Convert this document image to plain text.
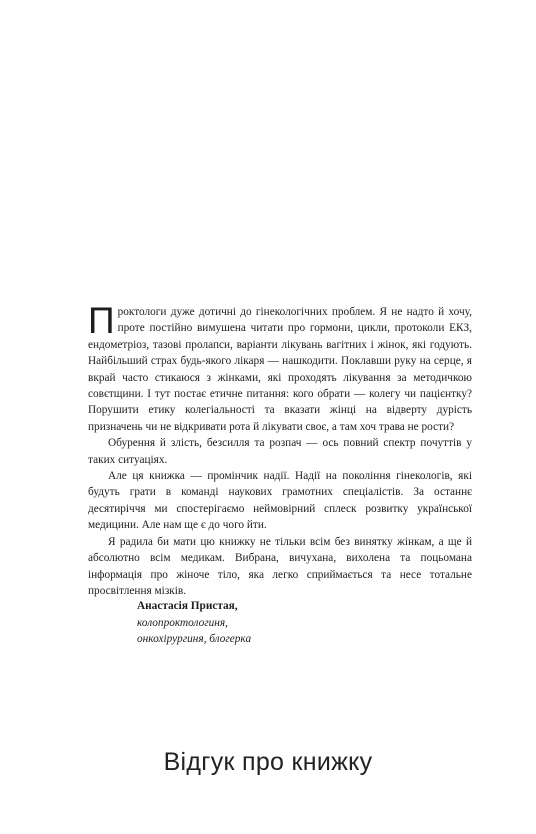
Проктологи дуже дотичні до гінекологічних проблем. Я не надто й хочу, проте постійно вимушена читати про гормони, цикли, протоколи ЕКЗ, ендометріоз, тазові пролапси, варіанти лікувань вагітних і жінок, які годують. Найбільший страх будь-якого лікаря — нашкодити. Поклавши руку на серце, я вкрай часто стикаюся з жінками, які проходять лікування за методичкою совєтщини. І тут постає етичне питання: кого обрати — колегу чи пацієнтку? Порушити етику колегіальності та вказати жінці на відверту дурість призначень чи не відкривати рота й лікувати своє, а там хоч трава не рости?

Обурення й злість, безсилля та розпач — ось повний спектр почуттів у таких ситуаціях.

Але ця книжка — промінчик надії. Надії на покоління гінекологів, які будуть грати в команді наукових грамотних спеціалістів. За останнє десятиріччя ми спостерігаємо неймовірний сплеск розвитку української медицини. Але нам ще є до чого йти.

Я радила би мати цю книжку не тільки всім без винятку жінкам, а ще й абсолютно всім медикам. Вибрана, вичухана, вихолена та поцьомана інформація про жіноче тіло, яка легко сприймається та несе тотальне просвітлення мізків.

Анастасія Пристая,
колопроктологиня,
онкохірургиня, блогерка
Відгук про книжку
